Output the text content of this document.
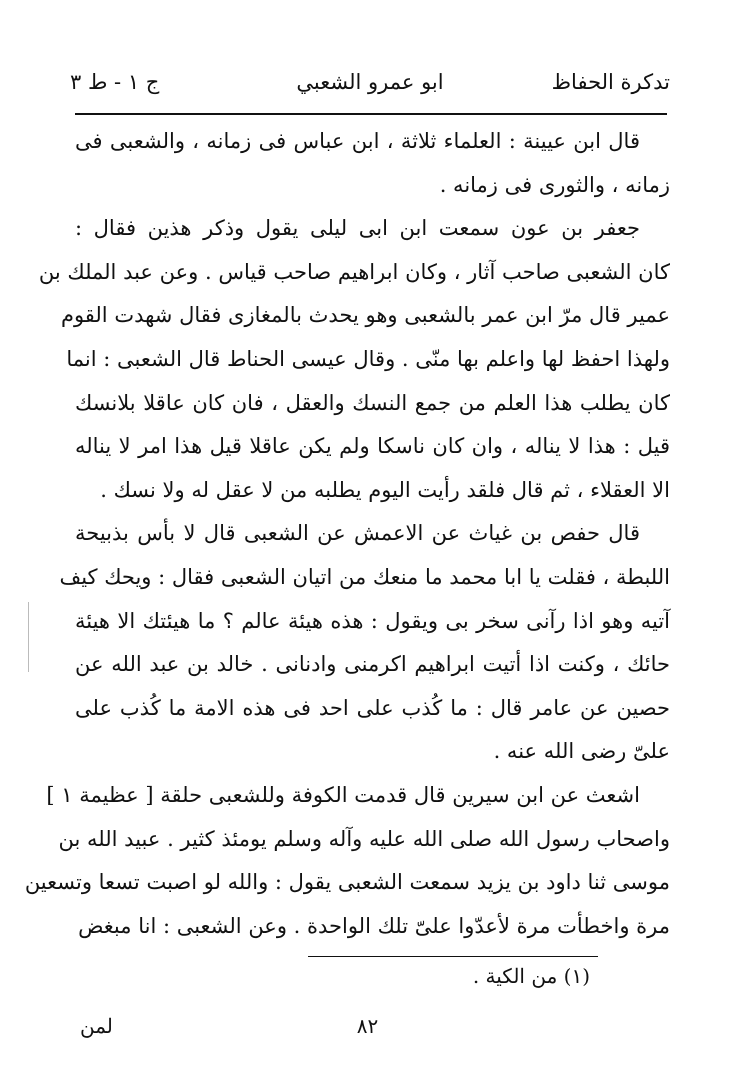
تدكرة الحفاظ
ابو عمرو الشعبي
ج ١ - ط ٣
قال ابن عيينة : العلماء ثلاثة ، ابن عباس فى زمانه ، والشعبى فى
زمانه ، والثورى فى زمانه .
جعفر بن عون سمعت ابن ابى ليلى يقول وذكر هذين فقال :
كان الشعبى صاحب آثار ، وكان ابراهيم صاحب قياس . وعن عبد الملك بن
عمير قال مرّ ابن عمر بالشعبى وهو يحدث بالمغازى فقال شهدت القوم
ولهذا احفظ لها واعلم بها منّى . وقال عيسى الحناط قال الشعبى : انما
كان يطلب هذا العلم من جمع النسك والعقل ، فان كان عاقلا بلانسك
قيل : هذا لا يناله ، وان كان ناسكا ولم يكن عاقلا قيل هذا امر لا يناله
الا العقلاء ، ثم قال فلقد رأيت اليوم يطلبه من لا عقل له ولا نسك .
قال حفص بن غياث عن الاعمش عن الشعبى قال لا بأس بذبيحة
اللبطة ، فقلت يا ابا محمد ما منعك من اتيان الشعبى فقال : ويحك كيف
آتيه وهو اذا رآنى سخر بى ويقول : هذه هيئة عالم ؟ ما هيئتك الا هيئة
حائك ، وكنت اذا أتيت ابراهيم اكرمنى وادنانى . خالد بن عبد الله عن
حصين عن عامر قال : ما كُذب على احد فى هذه الامة ما كُذب على
علىّ رضى الله عنه .
اشعث عن ابن سيرين قال قدمت الكوفة وللشعبى حلقة [ عظيمة ١ ]
واصحاب رسول الله صلى الله عليه وآله وسلم يومئذ كثير . عبيد الله بن
موسى ثنا داود بن يزيد سمعت الشعبى يقول : والله لو اصبت تسعا وتسعين
مرة واخطأت مرة لأعدّوا علىّ تلك الواحدة . وعن الشعبى : انا مبغض
(١) من الكية .
٨٢
لمن
